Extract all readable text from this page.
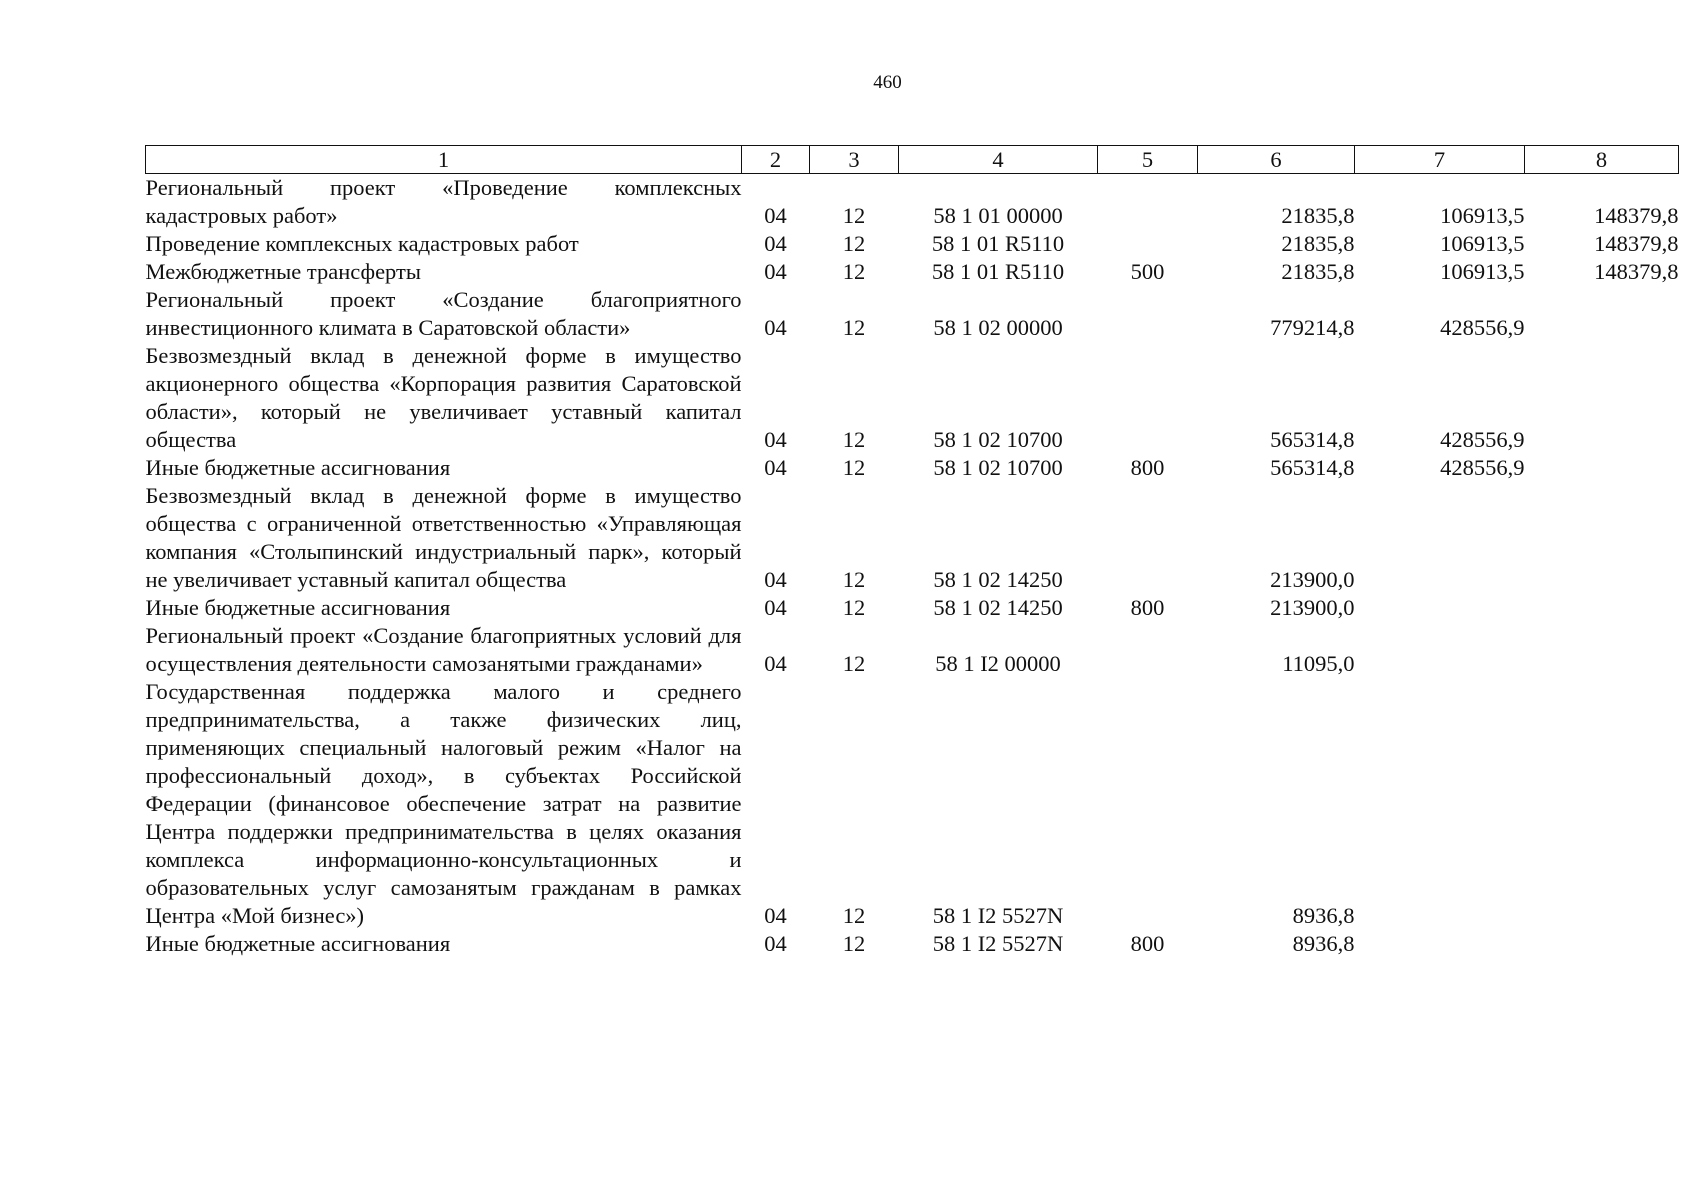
460
1	2	3	4	5	6	7	8
Региональный проект «Проведение комплексных кадастровых работ»	04	12	58 1 01 00000		21835,8	106913,5	148379,8
Проведение комплексных кадастровых работ	04	12	58 1 01 R5110		21835,8	106913,5	148379,8
Межбюджетные трансферты	04	12	58 1 01 R5110	500	21835,8	106913,5	148379,8
Региональный проект «Создание благоприятного инвестиционного климата в Саратовской области»	04	12	58 1 02 00000		779214,8	428556,9	
Безвозмездный вклад в денежной форме в имущество акционерного общества «Корпорация развития Саратовской области», который не увеличивает уставный капитал общества	04	12	58 1 02 10700		565314,8	428556,9	
Иные бюджетные ассигнования	04	12	58 1 02 10700	800	565314,8	428556,9	
Безвозмездный вклад в денежной форме в имущество общества с ограниченной ответственностью «Управляющая компания «Столыпинский индустриальный парк», который не увеличивает уставный капитал общества	04	12	58 1 02 14250		213900,0		
Иные бюджетные ассигнования	04	12	58 1 02 14250	800	213900,0		
Региональный проект «Создание благоприятных условий для осуществления деятельности самозанятыми гражданами»	04	12	58 1 I2 00000		11095,0		
Государственная поддержка малого и среднего предпринимательства, а также физических лиц, применяющих специальный налоговый режим «Налог на профессиональный доход», в субъектах Российской Федерации (финансовое обеспечение затрат на развитие Центра поддержки предпринимательства в целях оказания комплекса информационно-консультационных и образовательных услуг самозанятым гражданам в рамках Центра «Мой бизнес»)	04	12	58 1 I2 5527N		8936,8		
Иные бюджетные ассигнования	04	12	58 1 I2 5527N	800	8936,8		
